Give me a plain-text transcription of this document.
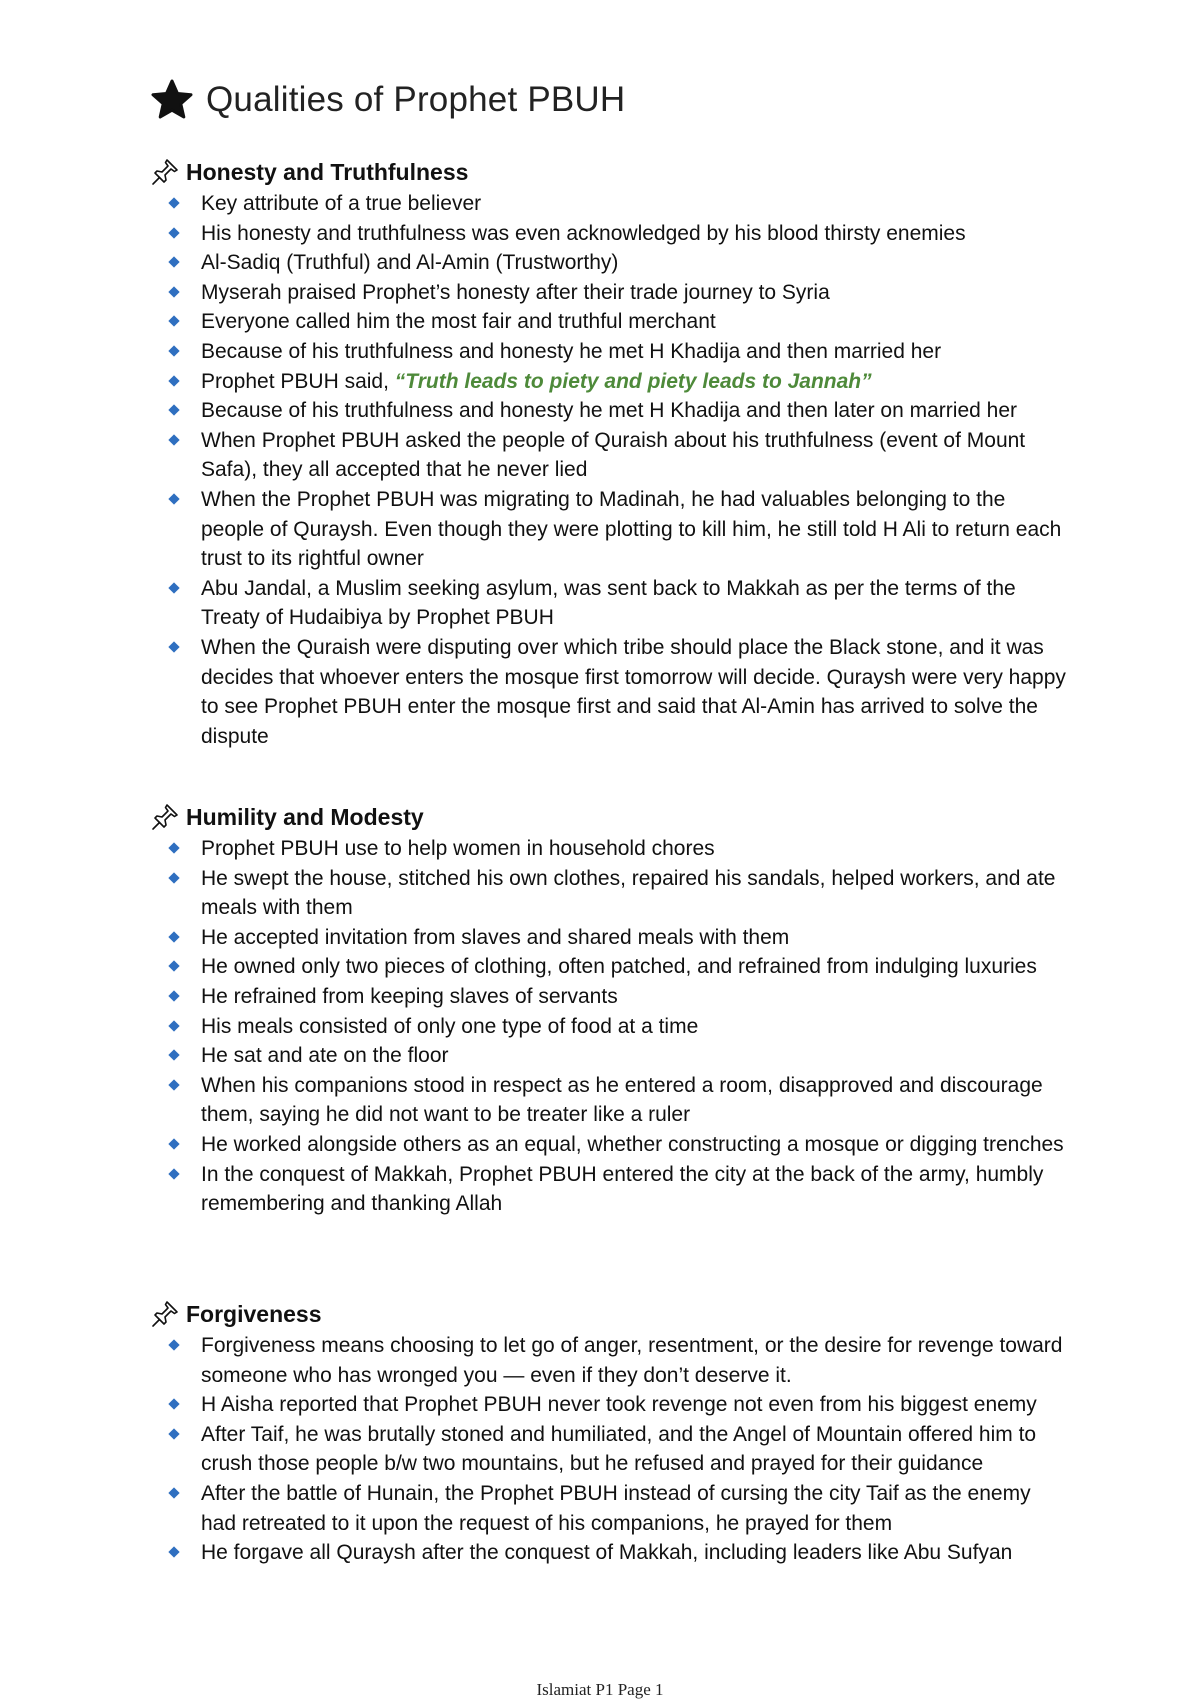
Qualities of Prophet PBUH
Honesty and Truthfulness
Key attribute of a true believer
His honesty and truthfulness was even acknowledged by his blood thirsty enemies
Al-Sadiq (Truthful) and Al-Amin (Trustworthy)
Myserah praised Prophet’s honesty after their trade journey to Syria
Everyone called him the most fair and truthful merchant
Because of his truthfulness and honesty he met H Khadija and then married her
Prophet PBUH said, “Truth leads to piety and piety leads to Jannah”
Because of his truthfulness and honesty he met H Khadija and then later on married her
When Prophet PBUH asked the people of Quraish about his truthfulness (event of Mount Safa), they all accepted that he never lied
When the Prophet PBUH was migrating to Madinah, he had valuables belonging to the people of Quraysh. Even though they were plotting to kill him, he still told H Ali to return each trust to its rightful owner
Abu Jandal, a Muslim seeking asylum, was sent back to Makkah as per the terms of the Treaty of Hudaibiya by Prophet PBUH
When the Quraish were disputing over which tribe should place the Black stone, and it was decides that whoever enters the mosque first tomorrow will decide. Quraysh were very happy to see Prophet PBUH enter the mosque first and said that Al-Amin has arrived to solve the dispute
Humility and Modesty
Prophet PBUH use to help women in household chores
He swept the house, stitched his own clothes, repaired his sandals, helped workers, and ate meals with them
He accepted invitation from slaves and shared meals with them
He owned only two pieces of clothing, often patched, and refrained from indulging luxuries
He refrained from keeping slaves of servants
His meals consisted of only one type of food at a time
He sat and ate on the floor
When his companions stood in respect as he entered a room, disapproved and discourage them, saying he did not want to be treater like a ruler
He worked alongside others as an equal, whether constructing a mosque or digging trenches
In the conquest of Makkah, Prophet PBUH entered the city at the back of the army, humbly remembering and thanking Allah
Forgiveness
Forgiveness means choosing to let go of anger, resentment, or the desire for revenge toward someone who has wronged you — even if they don’t deserve it.
H Aisha reported that Prophet PBUH never took revenge not even from his biggest enemy
After Taif, he was brutally stoned and humiliated, and the Angel of Mountain offered him to crush those people b/w two mountains, but he refused and prayed for their guidance
After the battle of Hunain, the Prophet PBUH instead of cursing the city Taif as the enemy had retreated to it upon the request of his companions, he prayed for them
He forgave all Quraysh after the conquest of Makkah, including leaders like Abu Sufyan
Islamiat P1 Page 1
